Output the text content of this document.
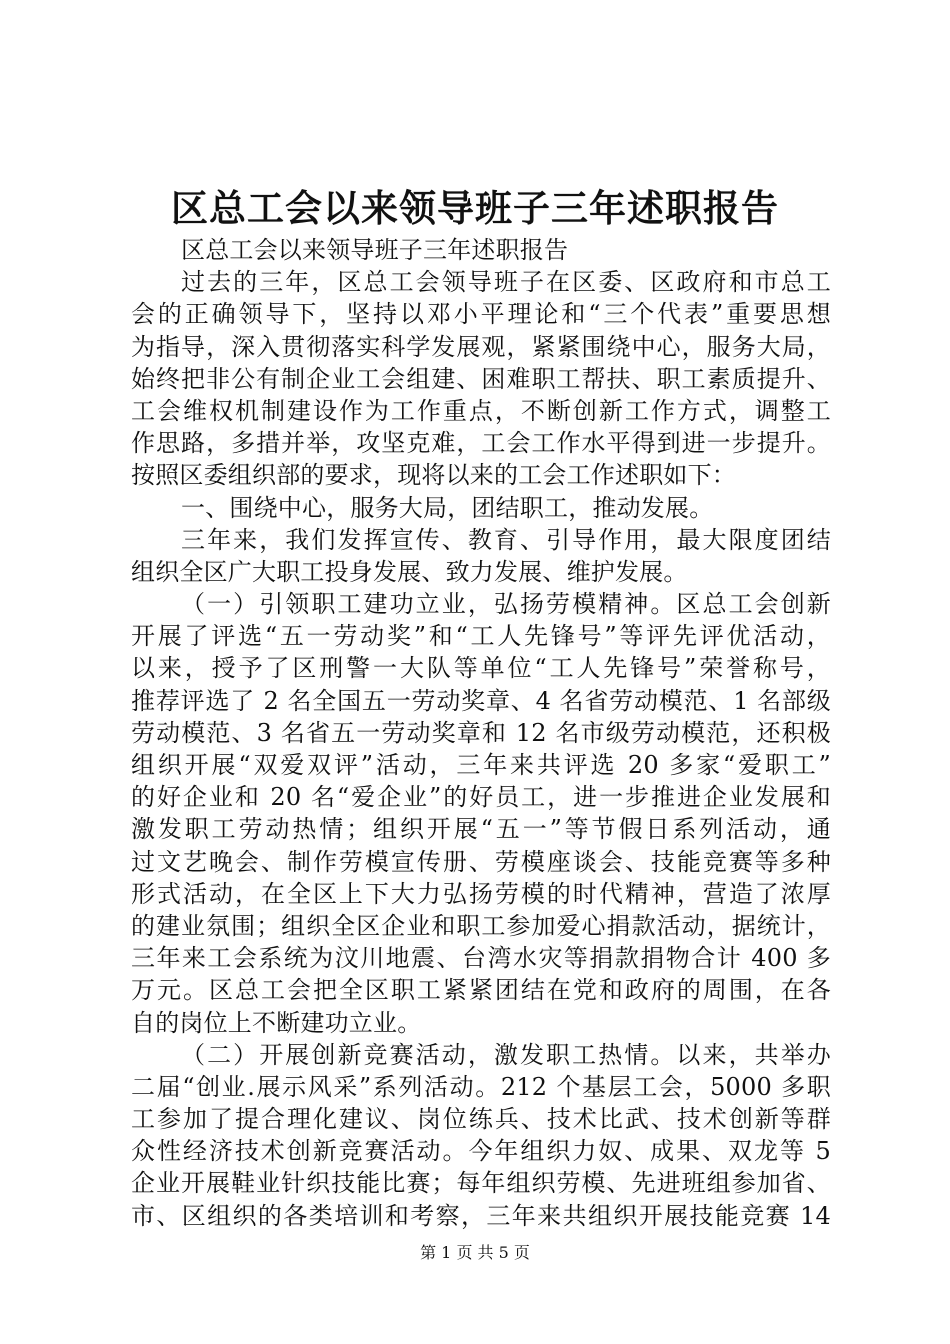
区总工会以来领导班子三年述职报告
区总工会以来领导班子三年述职报告
过去的三年，区总工会领导班子在区委、区政府和市总工
会的正确领导下，坚持以邓小平理论和“三个代表”重要思想
为指导，深入贯彻落实科学发展观，紧紧围绕中心，服务大局，
始终把非公有制企业工会组建、困难职工帮扶、职工素质提升、
工会维权机制建设作为工作重点，不断创新工作方式，调整工
作思路，多措并举，攻坚克难，工会工作水平得到进一步提升。
按照区委组织部的要求，现将以来的工会工作述职如下：
一、围绕中心，服务大局，团结职工，推动发展。
三年来，我们发挥宣传、教育、引导作用，最大限度团结
组织全区广大职工投身发展、致力发展、维护发展。
（一）引领职工建功立业，弘扬劳模精神。区总工会创新
开展了评选“五一劳动奖”和“工人先锋号”等评先评优活动，
以来，授予了区刑警一大队等单位“工人先锋号”荣誉称号，
推荐评选了 2 名全国五一劳动奖章、4 名省劳动模范、1 名部级
劳动模范、3 名省五一劳动奖章和 12 名市级劳动模范，还积极
组织开展“双爱双评”活动，三年来共评选 20 多家“爱职工”
的好企业和 20 名“爱企业”的好员工，进一步推进企业发展和
激发职工劳动热情；组织开展“五一”等节假日系列活动，通
过文艺晚会、制作劳模宣传册、劳模座谈会、技能竞赛等多种
形式活动，在全区上下大力弘扬劳模的时代精神，营造了浓厚
的建业氛围；组织全区企业和职工参加爱心捐款活动，据统计，
三年来工会系统为汶川地震、台湾水灾等捐款捐物合计 400 多
万元。区总工会把全区职工紧紧团结在党和政府的周围，在各
自的岗位上不断建功立业。
（二）开展创新竞赛活动，激发职工热情。以来，共举办
二届“创业.展示风采”系列活动。212 个基层工会，5000 多职
工参加了提合理化建议、岗位练兵、技术比武、技术创新等群
众性经济技术创新竞赛活动。今年组织力奴、成果、双龙等 5
企业开展鞋业针织技能比赛；每年组织劳模、先进班组参加省、
市、区组织的各类培训和考察，三年来共组织开展技能竞赛 14
第 1 页 共 5 页
